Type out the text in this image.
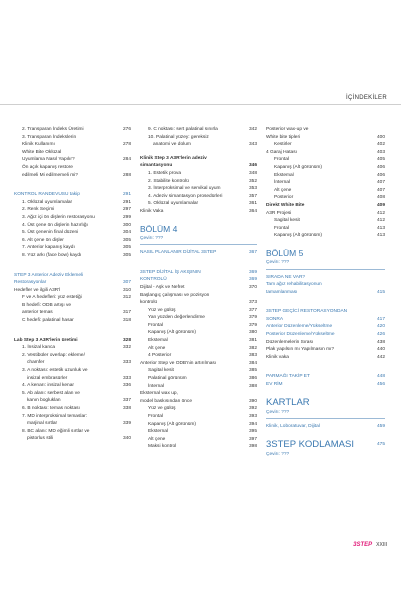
İÇİNDEKİLER
2. Transparan İndeks Üretimi	276
3. Transparan İndekslerin
Klinik Kullanımı	278
White Bite Oklüzal
Uyumlama Nasıl Yapılır?	284
Ön açık kapanış restore
edilmeli Mi edilmemeli mi?	288
KONTROL RANDEVUSU takip	291
1. Oklüzal uyumlamalar	291
2. Renk Seçimi	297
3. Ağız içi ön dişlerin restorasyonu	299
4. Üst çene ön dişlerin hazırlığı	300
5. Üst çenenin final düzeni	304
6. Alt çene ön dişler	305
7. Anterior kapanış kaydı	305
8. Yüz arkı (face bow) kaydı	305
STEP 3 Anterior Adeziv Eklemeli
Restorasyonlar	307
Hedefler ve ilgili A3R'l	310
F ve A hedefleri: yüz estetiği	312
B hedefi: ODB artışı ve
anterior temas	317
C hedefi: palatinal hasar	318
Lab Step 3 A3R'lerin üretimi	328
1. İnsizal kanca	332
2. Vestibüler overlap: ekleme/
chamfer	333
3. A noktası: estetik uzunluk ve
insizal embrasürler	333
4. A kenarı: insizal kenar	336
5. Ab alanı: serbest alan ve
kanın bogluklan	337
6. B noktası: temas noktası	338
7. MD interproksimal temaslar:
marjinal sırtlar	339
8. BC alanı: MD eğimli sırtlar ve
pistorlus stili	340
9. C noktası: sert palatinal sınırla	342
10. Palatinal yüzey: gereksiz
anatomi ve dolum	343
Klinik Step 3 A3R'lerin adeziv
simantasyonu	346
1. Estetik prova	348
2. Stabilite kontrolü	352
3. İnterproksimal ve servikal uyum	353
4. Adeziv simantasyon prosedürleri	357
5. Oklüzal uyumlamalar	361
Klinik Vaka	364
BÖLÜM 4
Çevirı: ???
NASIL PLANLANIR DİJİTAL 3STEP	367
3STEP DİJİTAL İŞ AKIŞININ	369
KONTROLÜ	369
Dijital - Aşk ve Nefret	370
Başlangıç çalışması ve pozisyon
kontrolü	373
Yüz ve gülüş	377
Yan yüzden değerlendirme	379
Frontal	379
Kapanış (Alt görünüm)	380
Ekstemal	381
Alt çene	382
4 Posterior	383
Anterior Step ve ODB'nin artırılması	384
Sagital kesit	385
Palatinal görünüm	386
İnternal	388
Eksternal wax up,
model baskısından önce	390
Yüz ve gülüş	392
Frontal	393
Kapanış (Alt görünüm)	394
Eksternal	395
Alt çene	397
Maksi kontrol	398
Posterior wax-up ve
White bite tipleri	400
Kestirler	402
4 Garaj Hatası	403
Frontal	405
Kapanış (Alt görünüm)	406
Ekstemal	406
İnternal	407
Alt çene	407
Posterior	408
Direkt White Bite	409
A3R Projesi	412
Sagital kesit	412
Frontal	413
Kapanış (Alt görünüm)	413
BÖLÜM 5
Çevirı: ???
SIRADA NE VAR?
Tam ağız rehabilitasyonun
tamamlanması	415
3STEP GEÇİCİ RESTORASYONDAN
SONRA	417
Anterior Düzenleme/Yükseltme	420
Posterior Düzenleme/Yükseltme	426
Düzenlemelerin Sırası	438
Plak yapılsın mı Yapılmasın mı?	440
Klinik vaka	442
PARMAĞI TAKİP ET	448
EV RİM	456
KARTLAR
Çevirı: ???
Klinik, Loboratuvar, Dijital	459
3STEP KODLAMASI	475
Çevirı: ???
3STEP XXIII
